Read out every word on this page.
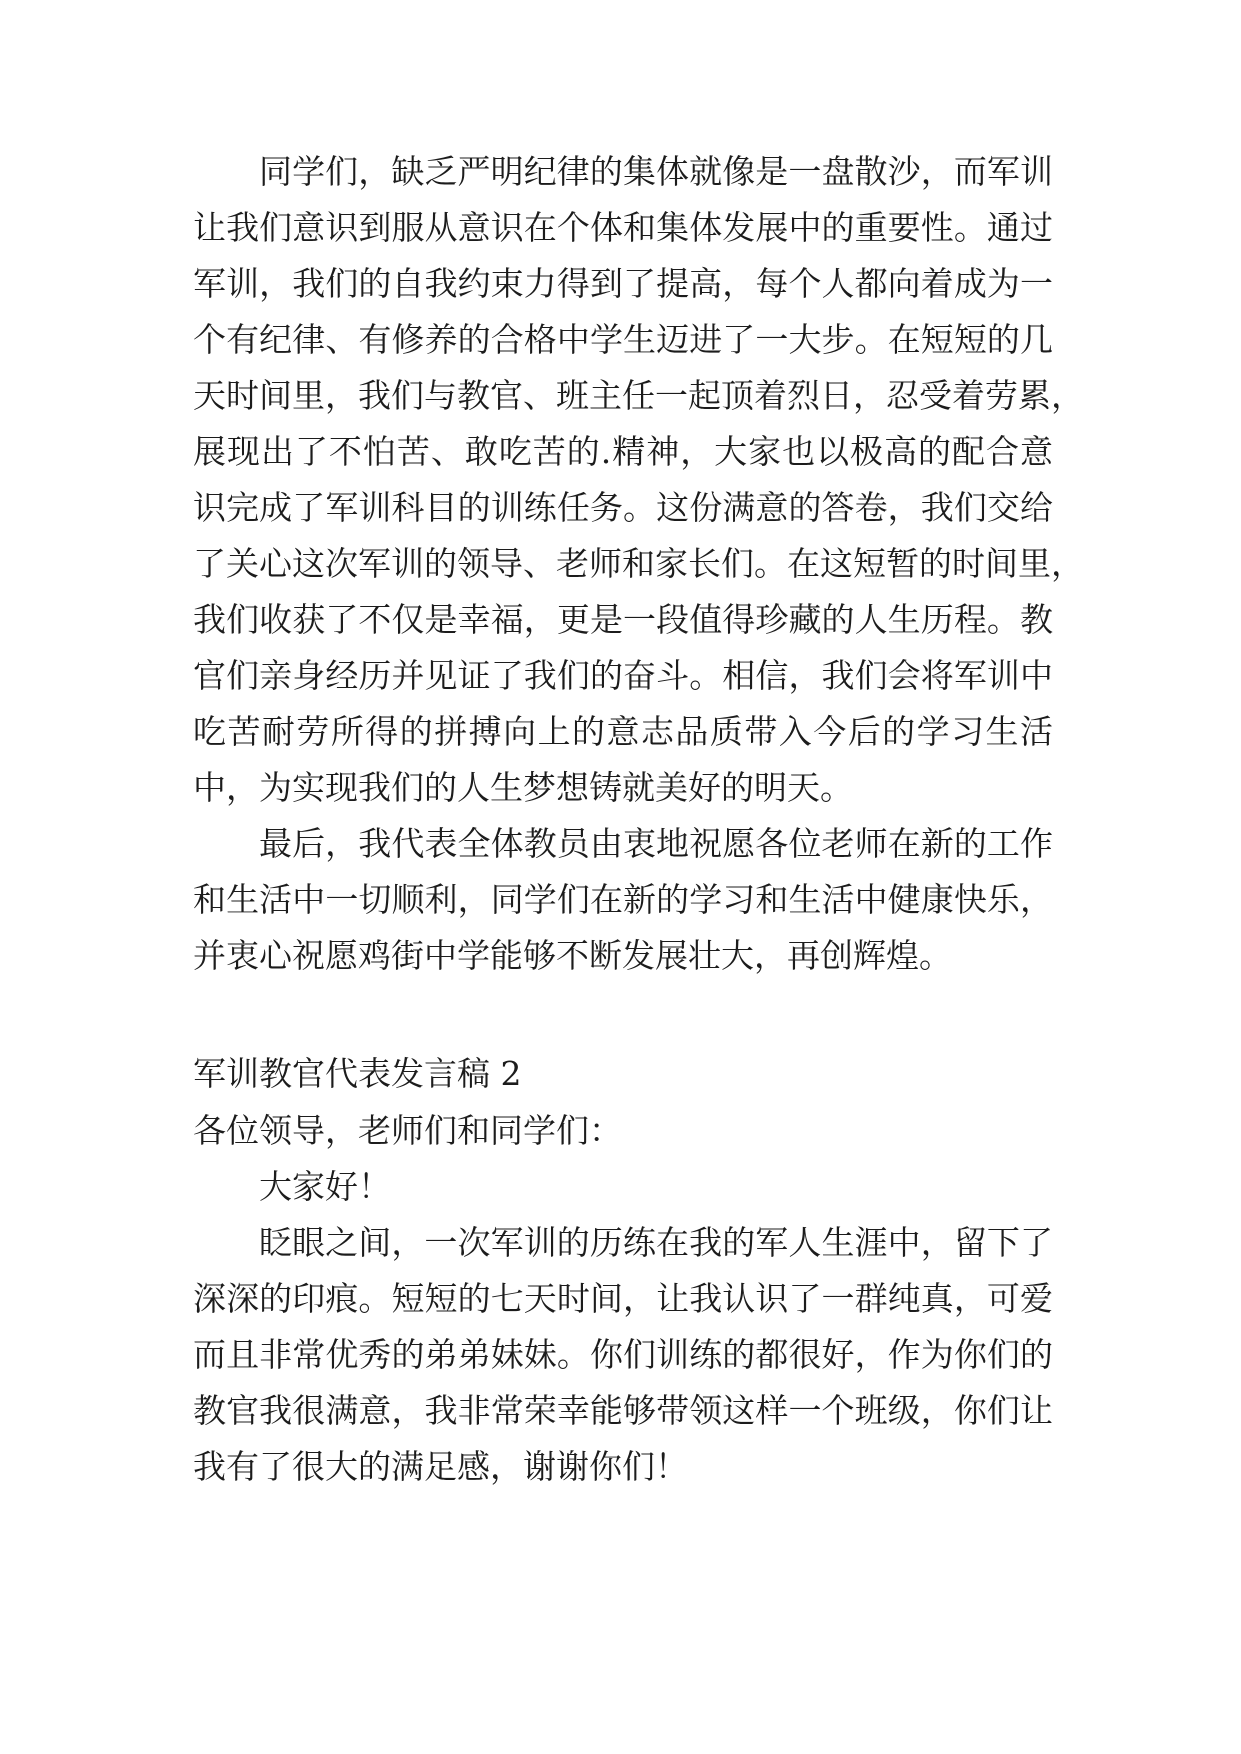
同学们，缺乏严明纪律的集体就像是一盘散沙，而军训
让我们意识到服从意识在个体和集体发展中的重要性。通过
军训，我们的自我约束力得到了提高，每个人都向着成为一
个有纪律、有修养的合格中学生迈进了一大步。在短短的几
天时间里，我们与教官、班主任一起顶着烈日，忍受着劳累，
展现出了不怕苦、敢吃苦的.精神，大家也以极高的配合意
识完成了军训科目的训练任务。这份满意的答卷，我们交给
了关心这次军训的领导、老师和家长们。在这短暂的时间里，
我们收获了不仅是幸福，更是一段值得珍藏的人生历程。教
官们亲身经历并见证了我们的奋斗。相信，我们会将军训中
吃苦耐劳所得的拼搏向上的意志品质带入今后的学习生活
中，为实现我们的人生梦想铸就美好的明天。
最后，我代表全体教员由衷地祝愿各位老师在新的工作
和生活中一切顺利，同学们在新的学习和生活中健康快乐，
并衷心祝愿鸡街中学能够不断发展壮大，再创辉煌。
军训教官代表发言稿 2
各位领导，老师们和同学们：
大家好！
眨眼之间，一次军训的历练在我的军人生涯中，留下了
深深的印痕。短短的七天时间，让我认识了一群纯真，可爱
而且非常优秀的弟弟妹妹。你们训练的都很好，作为你们的
教官我很满意，我非常荣幸能够带领这样一个班级，你们让
我有了很大的满足感，谢谢你们！
